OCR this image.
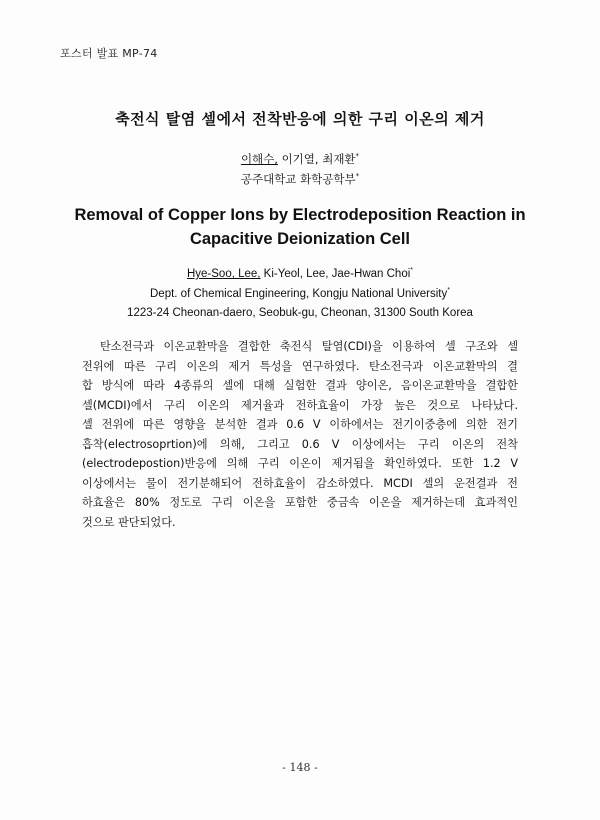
포스터 발표 MP-74
축전식 탈염 셀에서 전착반응에 의한 구리 이온의 제거
이해수, 이기열, 최재환*
공주대학교 화학공학부*
Removal of Copper Ions by Electrodeposition Reaction in
Capacitive Deionization Cell
Hye-Soo, Lee, Ki-Yeol, Lee, Jae-Hwan Choi*
Dept. of Chemical Engineering, Kongju National University*
1223-24 Cheonan-daero, Seobuk-gu, Cheonan, 31300 South Korea
탄소전극과 이온교환막을 결합한 축전식 탈염(CDI)을 이용하여 셀 구조와 셀
전위에 따른 구리 이온의 제거 특성을 연구하였다. 탄소전극과 이온교환막의 결
합 방식에 따라 4종류의 셀에 대해 실험한 결과 양이온, 음이온교환막을 결합한
셀(MCDI)에서 구리 이온의 제거율과 전하효율이 가장 높은 것으로 나타났다.
셀 전위에 따른 영향을 분석한 결과 0.6 V 이하에서는 전기이중층에 의한 전기
흡착(electrosoprtion)에 의해, 그리고 0.6 V 이상에서는 구리 이온의 전착
(electrodepostion)반응에 의해 구리 이온이 제거됨을 확인하였다. 또한 1.2 V
이상에서는 물이 전기분해되어 전하효율이 감소하였다. MCDI 셀의 운전결과 전
하효율은 80% 정도로 구리 이온을 포함한 중금속 이온을 제거하는데 효과적인
것으로 판단되었다.
- 148 -
